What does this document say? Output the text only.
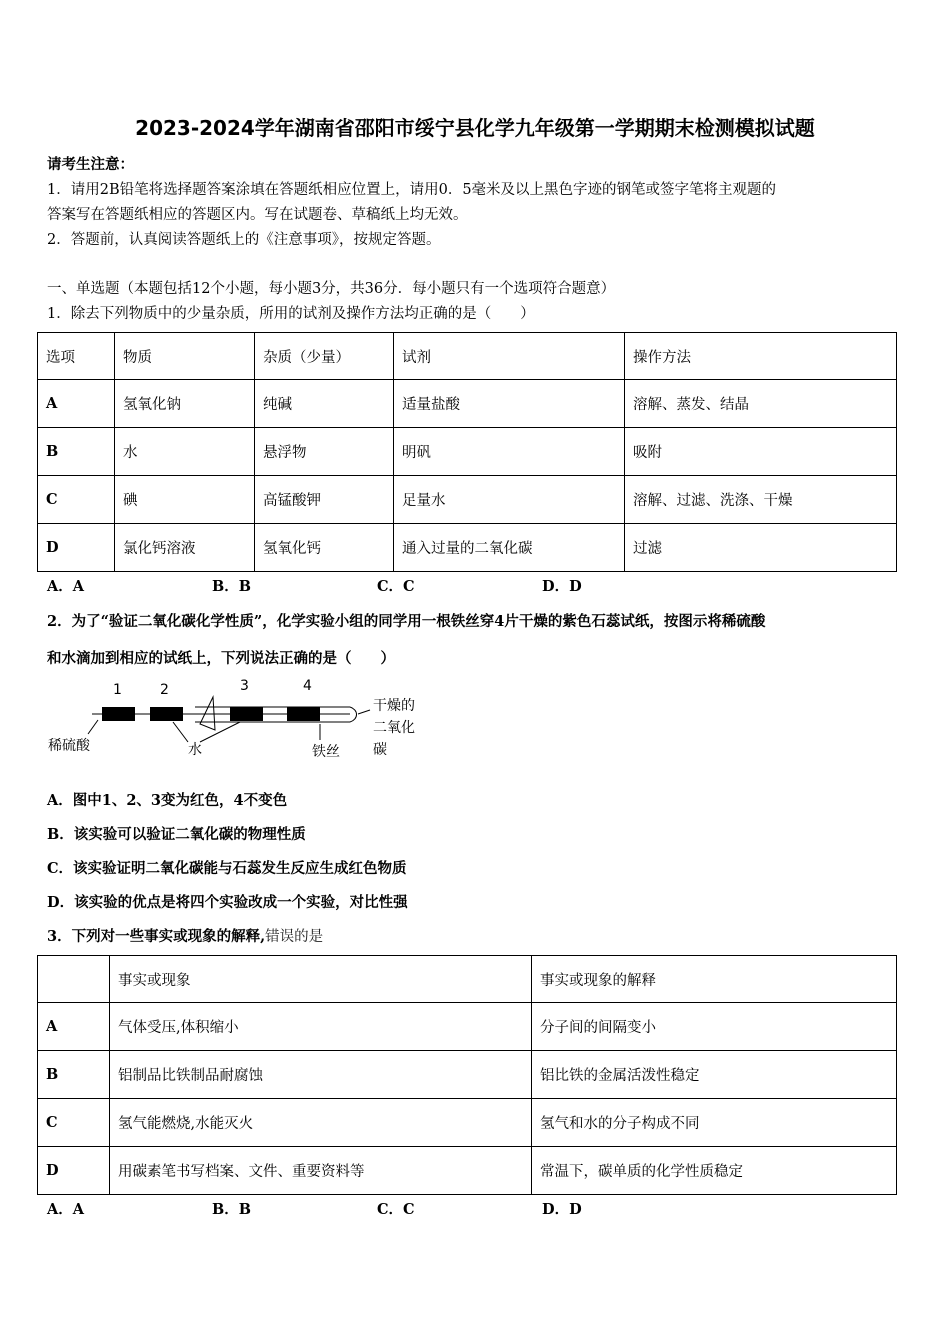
2023-2024学年湖南省邵阳市绥宁县化学九年级第一学期期末检测模拟试题
请考生注意：
1．请用2B铅笔将选择题答案涂填在答题纸相应位置上，请用0．5毫米及以上黑色字迹的钢笔或签字笔将主观题的
答案写在答题纸相应的答题区内。写在试题卷、草稿纸上均无效。
2．答题前，认真阅读答题纸上的《注意事项》，按规定答题。
一、单选题（本题包括12个小题，每小题3分，共36分．每小题只有一个选项符合题意）
1．除去下列物质中的少量杂质，所用的试剂及操作方法均正确的是（　　）
选项	物质	杂质（少量）	试剂	操作方法
A	氢氧化钠	纯碱	适量盐酸	溶解、蒸发、结晶
B	水	悬浮物	明矾	吸附
C	碘	高锰酸钾	足量水	溶解、过滤、洗涤、干燥
D	氯化钙溶液	氢氧化钙	通入过量的二氧化碳	过滤
A．A	B．B	C．C	D．D
2．为了“验证二氧化碳化学性质”，化学实验小组的同学用一根铁丝穿4片干燥的紫色石蕊试纸，按图示将稀硫酸
和水滴加到相应的试纸上，下列说法正确的是（　　）
1	2	3	4
稀硫酸	水	铁丝
干燥的
二氧化
碳
A．图中1、2、3变为红色，4不变色
B．该实验可以验证二氧化碳的物理性质
C．该实验证明二氧化碳能与石蕊发生反应生成红色物质
D．该实验的优点是将四个实验改成一个实验，对比性强
3．下列对一些事实或现象的解释,错误的是
	事实或现象	事实或现象的解释
A	气体受压,体积缩小	分子间的间隔变小
B	铝制品比铁制品耐腐蚀	铝比铁的金属活泼性稳定
C	氢气能燃烧,水能灭火	氢气和水的分子构成不同
D	用碳素笔书写档案、文件、重要资料等	常温下，碳单质的化学性质稳定
A．A	B．B	C．C	D．D
